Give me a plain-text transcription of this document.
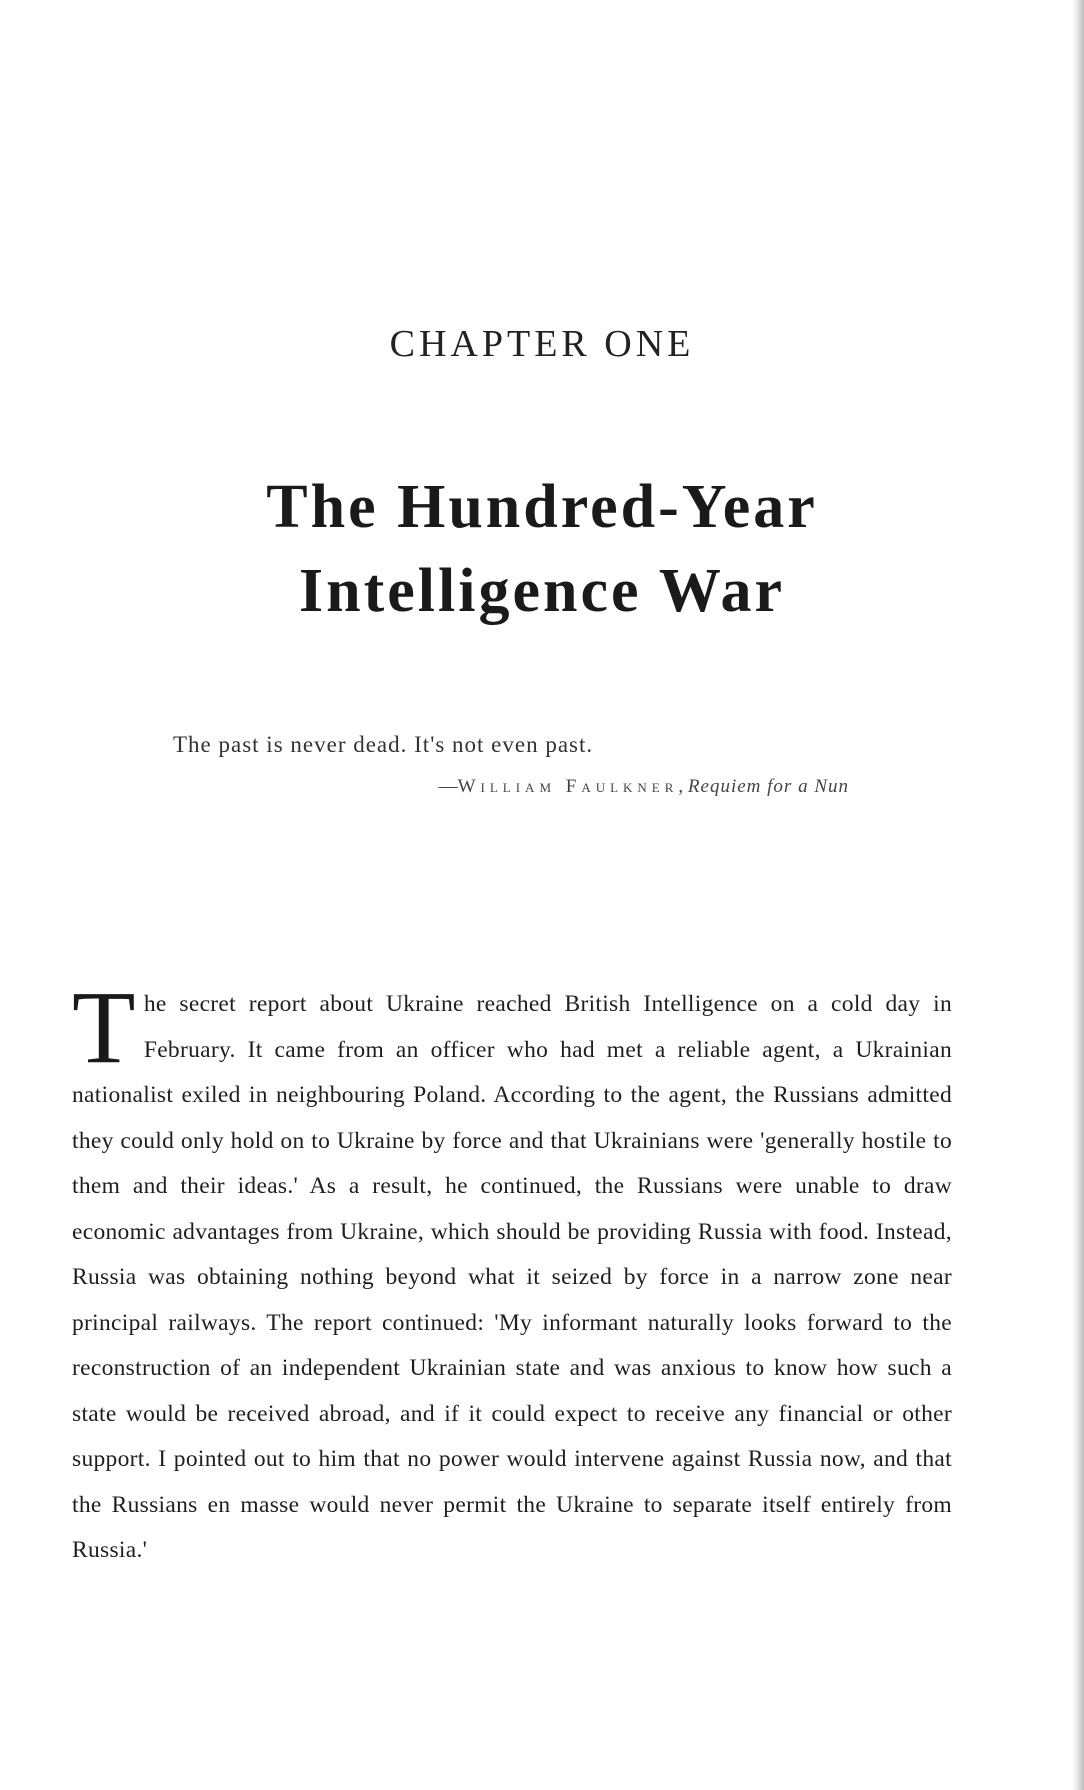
CHAPTER ONE
The Hundred-Year
Intelligence War
The past is never dead. It's not even past.
—William Faulkner, Requiem for a Nun
The secret report about Ukraine reached British Intelligence on a cold day in February. It came from an officer who had met a reliable agent, a Ukrainian nationalist exiled in neighbouring Poland. According to the agent, the Russians admitted they could only hold on to Ukraine by force and that Ukrainians were 'generally hostile to them and their ideas.' As a result, he continued, the Russians were unable to draw economic advantages from Ukraine, which should be providing Russia with food. Instead, Russia was obtaining nothing beyond what it seized by force in a narrow zone near principal railways. The report continued: 'My informant naturally looks forward to the reconstruction of an independent Ukrainian state and was anxious to know how such a state would be received abroad, and if it could expect to receive any financial or other support. I pointed out to him that no power would intervene against Russia now, and that the Russians en masse would never permit the Ukraine to separate itself entirely from Russia.'
